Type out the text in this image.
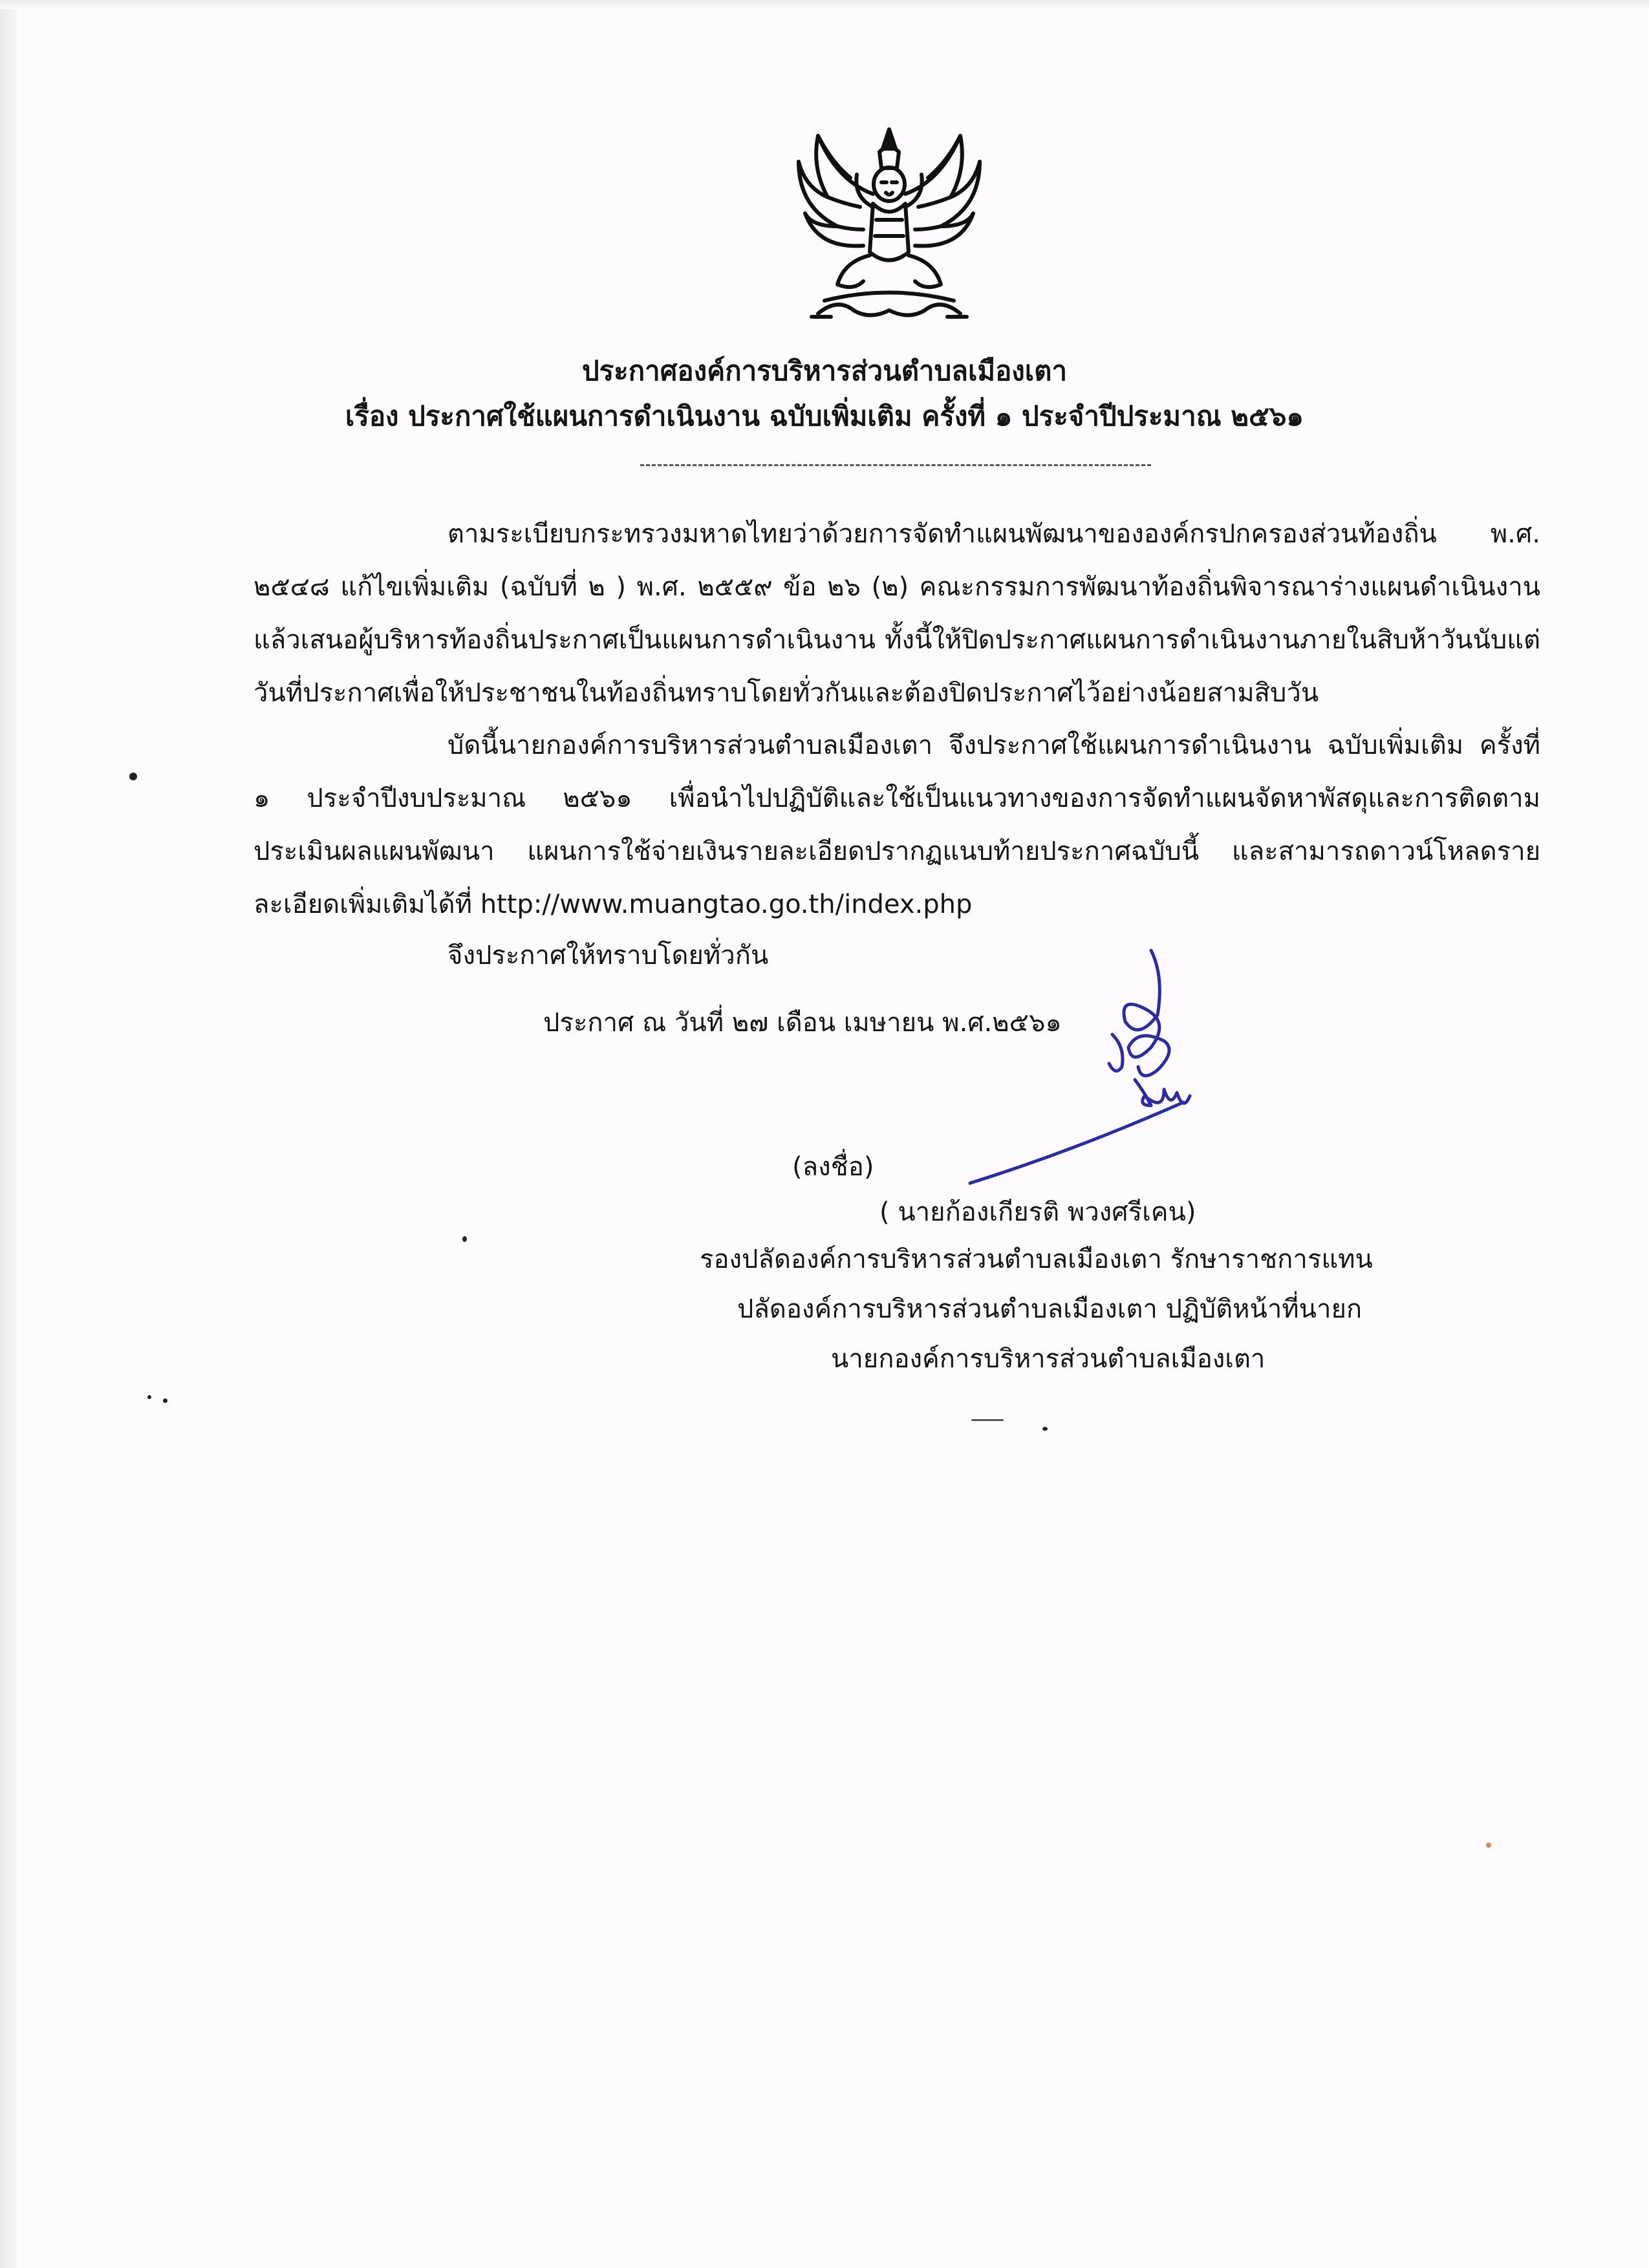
ประกาศองค์การบริหารส่วนตำบลเมืองเตา
เรื่อง ประกาศใช้แผนการดำเนินงาน ฉบับเพิ่มเติม ครั้งที่ ๑ ประจำปีประมาณ ๒๕๖๑

ตามระเบียบกระทรวงมหาดไทยว่าด้วยการจัดทำแผนพัฒนาขององค์กรปกครองส่วนท้องถิ่น พ.ศ. ๒๕๔๘ แก้ไขเพิ่มเติม (ฉบับที่ ๒ ) พ.ศ. ๒๕๕๙ ข้อ ๒๖ (๒) คณะกรรมการพัฒนาท้องถิ่นพิจารณาร่างแผนดำเนินงาน แล้วเสนอผู้บริหารท้องถิ่นประกาศเป็นแผนการดำเนินงาน ทั้งนี้ให้ปิดประกาศแผนการดำเนินงานภายในสิบห้าวันนับแต่วันที่ประกาศเพื่อให้ประชาชนในท้องถิ่นทราบโดยทั่วกันและต้องปิดประกาศไว้อย่างน้อยสามสิบวัน

บัดนี้นายกองค์การบริหารส่วนตำบลเมืองเตา จึงประกาศใช้แผนการดำเนินงาน ฉบับเพิ่มเติม ครั้งที่ ๑ ประจำปีงบประมาณ ๒๕๖๑ เพื่อนำไปปฏิบัติและใช้เป็นแนวทางของการจัดทำแผนจัดหาพัสดุและการติดตามประเมินผลแผนพัฒนา แผนการใช้จ่ายเงินรายละเอียดปรากฏแนบท้ายประกาศฉบับนี้ และสามารถดาวน์โหลดรายละเอียดเพิ่มเติมได้ที่ http://www.muangtao.go.th/index.php

จึงประกาศให้ทราบโดยทั่วกัน
ประกาศ ณ วันที่ ๒๗ เดือน เมษายน พ.ศ.๒๕๖๑
(ลงชื่อ)
( นายก้องเกียรติ พวงศรีเคน)
รองปลัดองค์การบริหารส่วนตำบลเมืองเตา รักษาราชการแทน
ปลัดองค์การบริหารส่วนตำบลเมืองเตา ปฏิบัติหน้าที่นายก
นายกองค์การบริหารส่วนตำบลเมืองเตา
